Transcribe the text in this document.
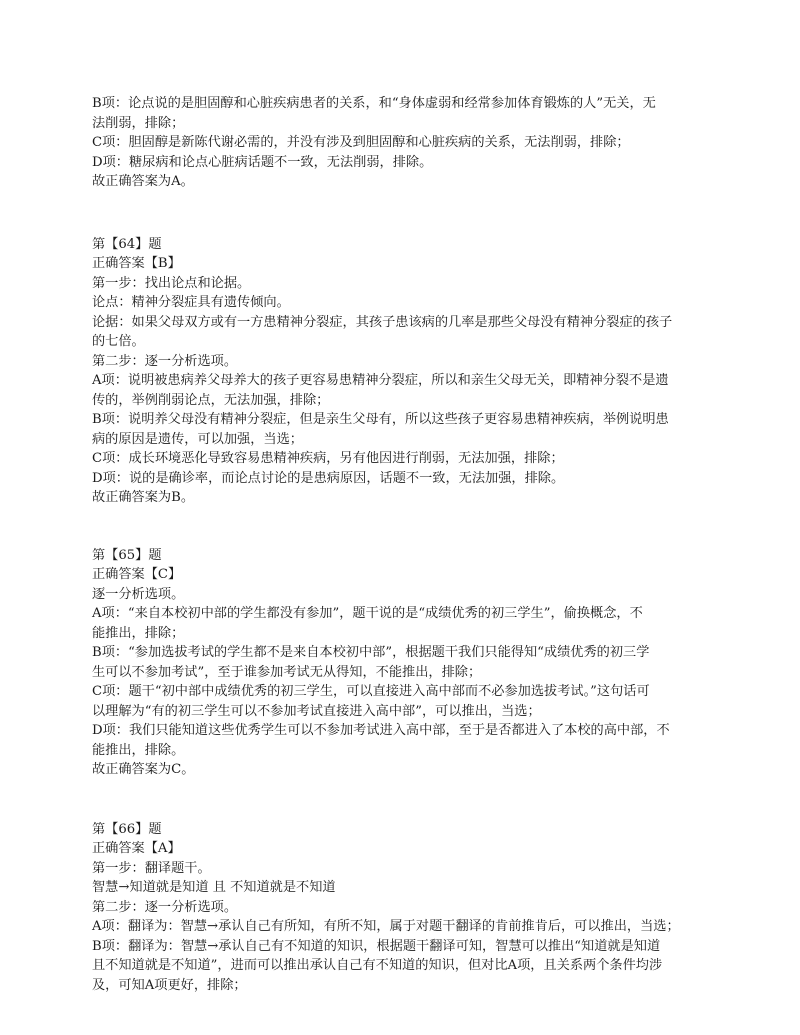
B项：论点说的是胆固醇和心脏疾病患者的关系，和“身体虚弱和经常参加体育锻炼的人”无关，无

法削弱，排除；

C项：胆固醇是新陈代谢必需的，并没有涉及到胆固醇和心脏疾病的关系，无法削弱，排除；

D项：糖尿病和论点心脏病话题不一致，无法削弱，排除。

故正确答案为A。

第【64】题

正确答案【B】

第一步：找出论点和论据。

论点：精神分裂症具有遗传倾向。

论据：如果父母双方或有一方患精神分裂症，其孩子患该病的几率是那些父母没有精神分裂症的孩子

的七倍。

第二步：逐一分析选项。

A项：说明被患病养父母养大的孩子更容易患精神分裂症，所以和亲生父母无关，即精神分裂不是遗

传的，举例削弱论点，无法加强，排除；

B项：说明养父母没有精神分裂症，但是亲生父母有，所以这些孩子更容易患精神疾病，举例说明患

病的原因是遗传，可以加强，当选；

C项：成长环境恶化导致容易患精神疾病，另有他因进行削弱，无法加强，排除；

D项：说的是确诊率，而论点讨论的是患病原因，话题不一致，无法加强，排除。

故正确答案为B。

第【65】题

正确答案【C】

逐一分析选项。

A项：“来自本校初中部的学生都没有参加”，题干说的是“成绩优秀的初三学生”，偷换概念，不

能推出，排除；

B项：“参加选拔考试的学生都不是来自本校初中部”，根据题干我们只能得知“成绩优秀的初三学

生可以不参加考试”，至于谁参加考试无从得知，不能推出，排除；

C项：题干“初中部中成绩优秀的初三学生，可以直接进入高中部而不必参加选拔考试。”这句话可

以理解为“有的初三学生可以不参加考试直接进入高中部”，可以推出，当选；

D项：我们只能知道这些优秀学生可以不参加考试进入高中部，至于是否都进入了本校的高中部，不

能推出，排除。

故正确答案为C。

第【66】题

正确答案【A】

第一步：翻译题干。

智慧→知道就是知道 且 不知道就是不知道

第二步：逐一分析选项。

A项：翻译为：智慧→承认自己有所知，有所不知，属于对题干翻译的肯前推肯后，可以推出，当选；

B项：翻译为：智慧→承认自己有不知道的知识，根据题干翻译可知，智慧可以推出“知道就是知道

且不知道就是不知道”，进而可以推出承认自己有不知道的知识，但对比A项，且关系两个条件均涉

及，可知A项更好，排除；
